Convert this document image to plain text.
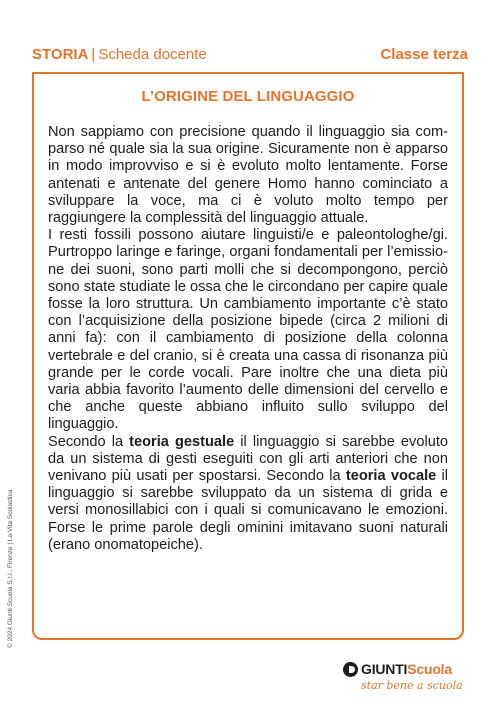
STORIA | Scheda docente	Classe terza
L’ORIGINE DEL LINGUAGGIO

Non sappiamo con precisione quando il linguaggio sia comparso né quale sia la sua origine. Sicuramente non è apparso in modo improvviso e si è evoluto molto lentamente. Forse antenati e antenate del genere Homo hanno cominciato a sviluppare la voce, ma ci è voluto molto tempo per raggiungere la complessità del linguaggio attuale.

I resti fossili possono aiutare linguisti/e e paleontologhe/gi. Purtroppo laringe e faringe, organi fondamentali per l’emissione dei suoni, sono parti molli che si decompongono, perciò sono state studiate le ossa che le circondano per capire quale fosse la loro struttura. Un cambiamento importante c’è stato con l’acquisizione della posizione bipede (circa 2 milioni di anni fa): con il cambiamento di posizione della colonna vertebrale e del cranio, si è creata una cassa di risonanza più grande per le corde vocali. Pare inoltre che una dieta più varia abbia favorito l’aumento delle dimensioni del cervello e che anche queste abbiano influito sullo sviluppo del linguaggio.

Secondo la teoria gestuale il linguaggio si sarebbe evoluto da un sistema di gesti eseguiti con gli arti anteriori che non venivano più usati per spostarsi. Secondo la teoria vocale il linguaggio si sarebbe sviluppato da un sistema di grida e versi monosillabici con i quali si comunicavano le emozioni. Forse le prime parole degli ominini imitavano suoni naturali (erano onomatopeiche).

© 2024 Giunti Scuola S.r.l., Firenze | La Vita Scolastica
GIUNTI Scuola
star bene a scuola
